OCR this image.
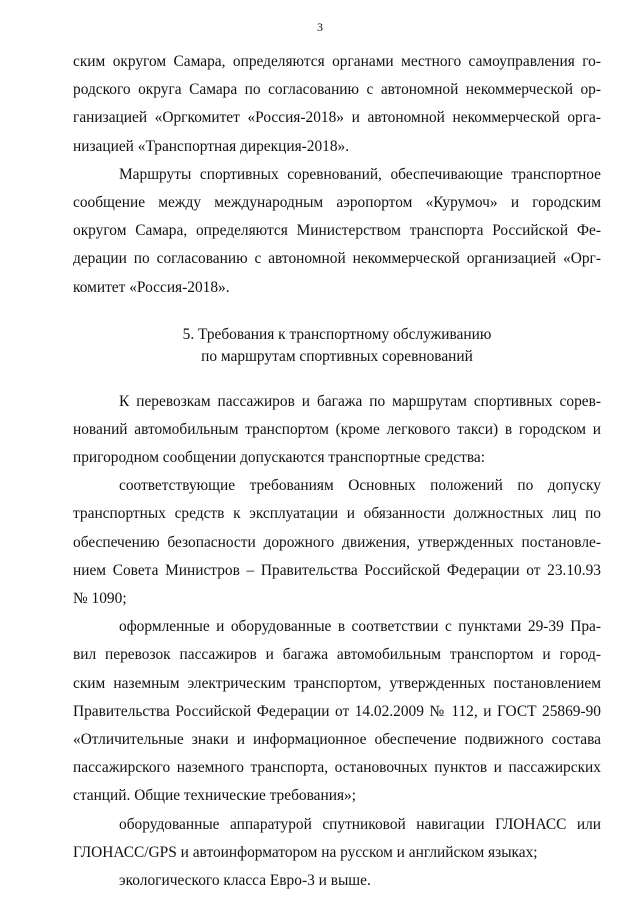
3
ским округом Самара, определяются органами местного самоуправления го-
родского округа Самара по согласованию с автономной некоммерческой ор-
ганизацией «Оргкомитет «Россия-2018» и автономной некоммерческой орга-
низацией «Транспортная дирекция-2018».
Маршруты спортивных соревнований, обеспечивающие транспортное
сообщение между международным аэропортом «Курумоч» и городским
округом Самара, определяются Министерством транспорта Российской Фе-
дерации по согласованию с автономной некоммерческой организацией «Орг-
комитет «Россия-2018».
5. Требования к транспортному обслуживанию
по маршрутам спортивных соревнований
К перевозкам пассажиров и багажа по маршрутам спортивных сорев-
нований автомобильным транспортом (кроме легкового такси) в городском и
пригородном сообщении допускаются транспортные средства:
соответствующие требованиям Основных положений по допуску
транспортных средств к эксплуатации и обязанности должностных лиц по
обеспечению безопасности дорожного движения, утвержденных постановле-
нием Совета Министров – Правительства Российской Федерации от 23.10.93
№ 1090;
оформленные и оборудованные в соответствии с пунктами 29-39 Пра-
вил перевозок пассажиров и багажа автомобильным транспортом и город-
ским наземным электрическим транспортом, утвержденных постановлением
Правительства Российской Федерации от 14.02.2009 № 112, и ГОСТ 25869-90
«Отличительные знаки и информационное обеспечение подвижного состава
пассажирского наземного транспорта, остановочных пунктов и пассажирских
станций. Общие технические требования»;
оборудованные аппаратурой спутниковой навигации ГЛОНАСС или
ГЛОНАСС/GPS и автоинформатором на русском и английском языках;
экологического класса Евро-3 и выше.
